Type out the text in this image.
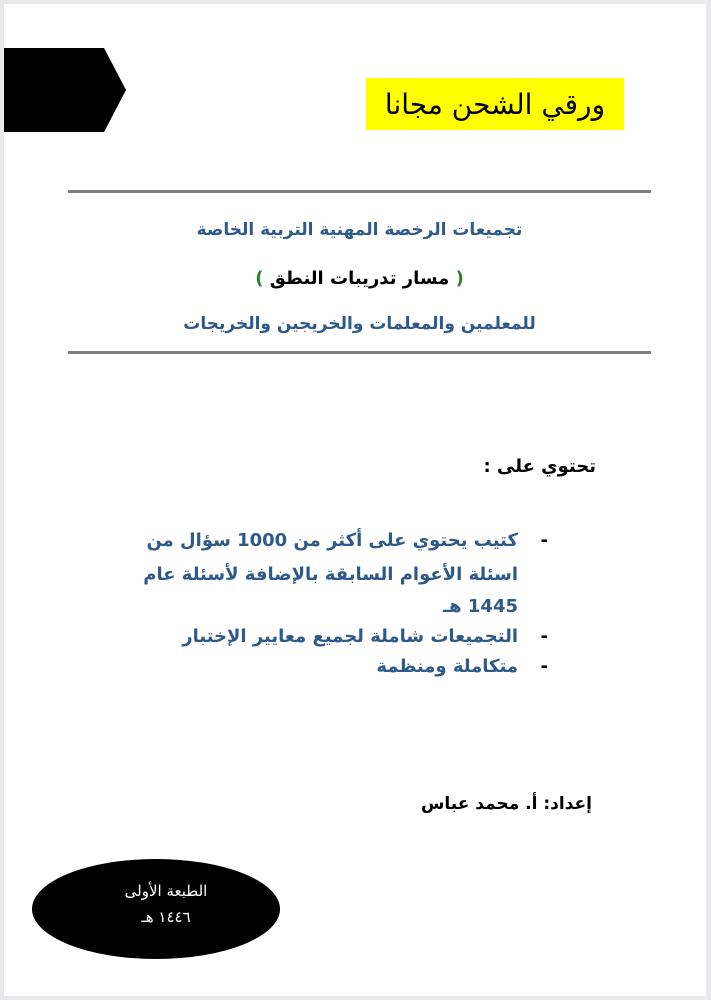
ورقي الشحن مجانا
تجميعات الرخصة المهنية التربية الخاصة
( مسار تدريبات النطق )
للمعلمين والمعلمات والخريجين والخريجات
تحتوي على :
-
كتيب يحتوي على أكثر من 1000 سؤال من
اسئلة الأعوام السابقة بالإضافة لأسئلة عام
1445 هـ
-
التجميعات شاملة لجميع معايير الإختبار
-
متكاملة ومنظمة
إعداد: أ. محمد عباس
الطبعة الأولى
١٤٤٦ هـ
